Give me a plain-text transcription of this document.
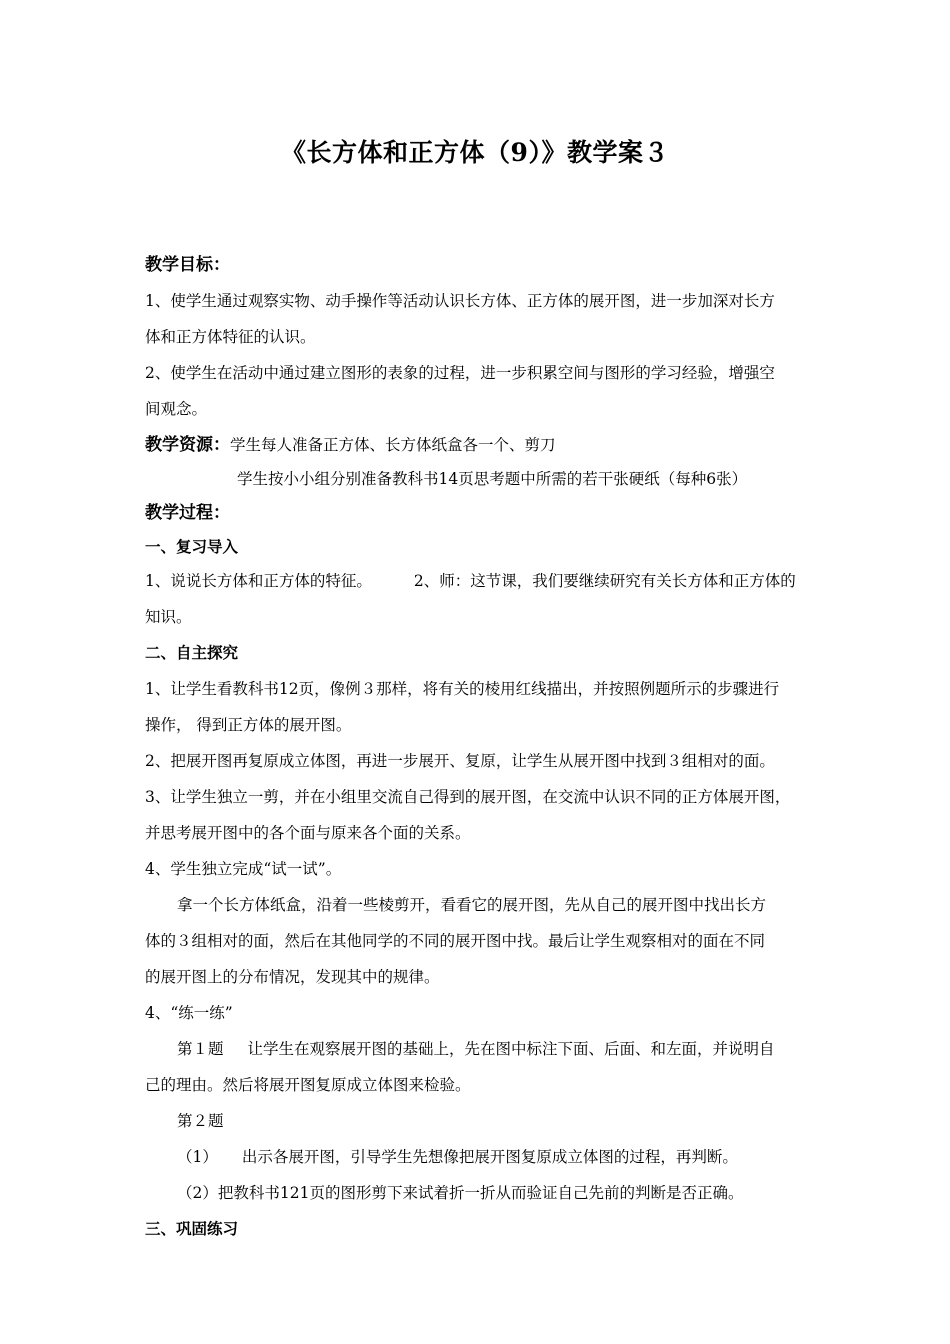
《长方体和正方体（9）》教学案３
教学目标：
1、使学生通过观察实物、动手操作等活动认识长方体、正方体的展开图，进一步加深对长方
体和正方体特征的认识。
2、使学生在活动中通过建立图形的表象的过程，进一步积累空间与图形的学习经验，增强空
间观念。
教学资源：学生每人准备正方体、长方体纸盒各一个、剪刀
学生按小小组分别准备教科书14页思考题中所需的若干张硬纸（每种6张）
教学过程：
一、复习导入
1、说说长方体和正方体的特征。	2、师：这节课，我们要继续研究有关长方体和正方体的
知识。
二、自主探究
1、让学生看教科书12页，像例３那样，将有关的棱用红线描出，并按照例题所示的步骤进行
操作， 得到正方体的展开图。
2、把展开图再复原成立体图，再进一步展开、复原，让学生从展开图中找到３组相对的面。
3、让学生独立一剪，并在小组里交流自己得到的展开图，在交流中认识不同的正方体展开图，
并思考展开图中的各个面与原来各个面的关系。
4、学生独立完成“试一试”。
拿一个长方体纸盒，沿着一些棱剪开，看看它的展开图，先从自己的展开图中找出长方
体的３组相对的面，然后在其他同学的不同的展开图中找。最后让学生观察相对的面在不同
的展开图上的分布情况，发现其中的规律。
4、“练一练”
第１题 让学生在观察展开图的基础上，先在图中标注下面、后面、和左面，并说明自
己的理由。然后将展开图复原成立体图来检验。
第２题
（1） 出示各展开图，引导学生先想像把展开图复原成立体图的过程，再判断。
（2）把教科书121页的图形剪下来试着折一折从而验证自己先前的判断是否正确。
三、巩固练习
